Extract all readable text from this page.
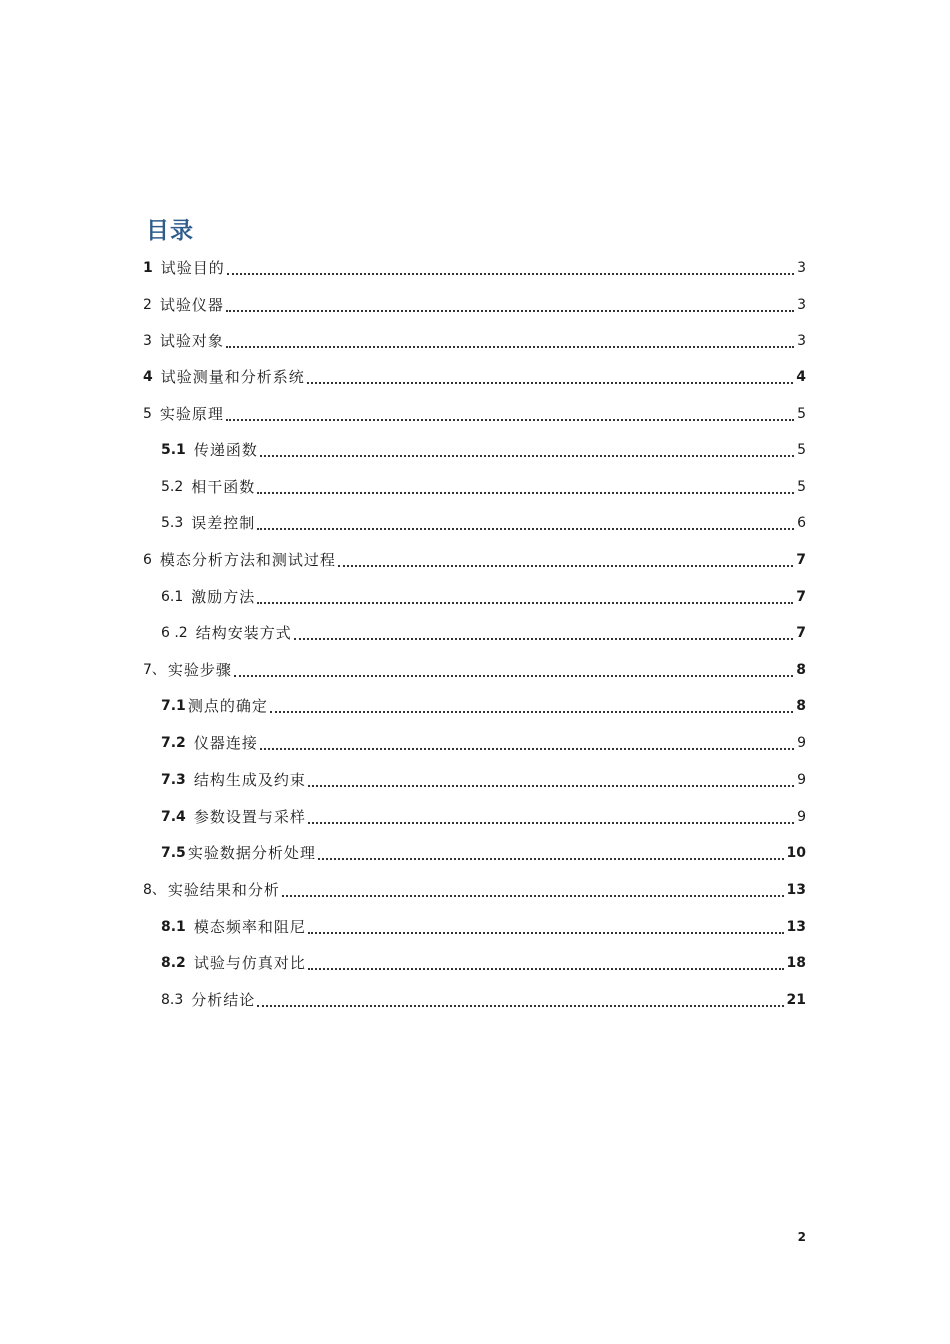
目录
1 试验目的	3
2 试验仪器	3
3 试验对象	3
4 试验测量和分析系统	4
5 实验原理	5
5.1 传递函数	5
5.2 相干函数	5
5.3 误差控制	6
6 模态分析方法和测试过程	7
6.1 激励方法	7
6 .2 结构安装方式	7
7、 实验步骤	8
7.1 测点的确定	8
7.2 仪器连接	9
7.3 结构生成及约束	9
7.4 参数设置与采样	9
7.5 实验数据分析处理	10
8、 实验结果和分析	13
8.1 模态频率和阻尼	13
8.2 试验与仿真对比	18
8.3 分析结论	21
2
